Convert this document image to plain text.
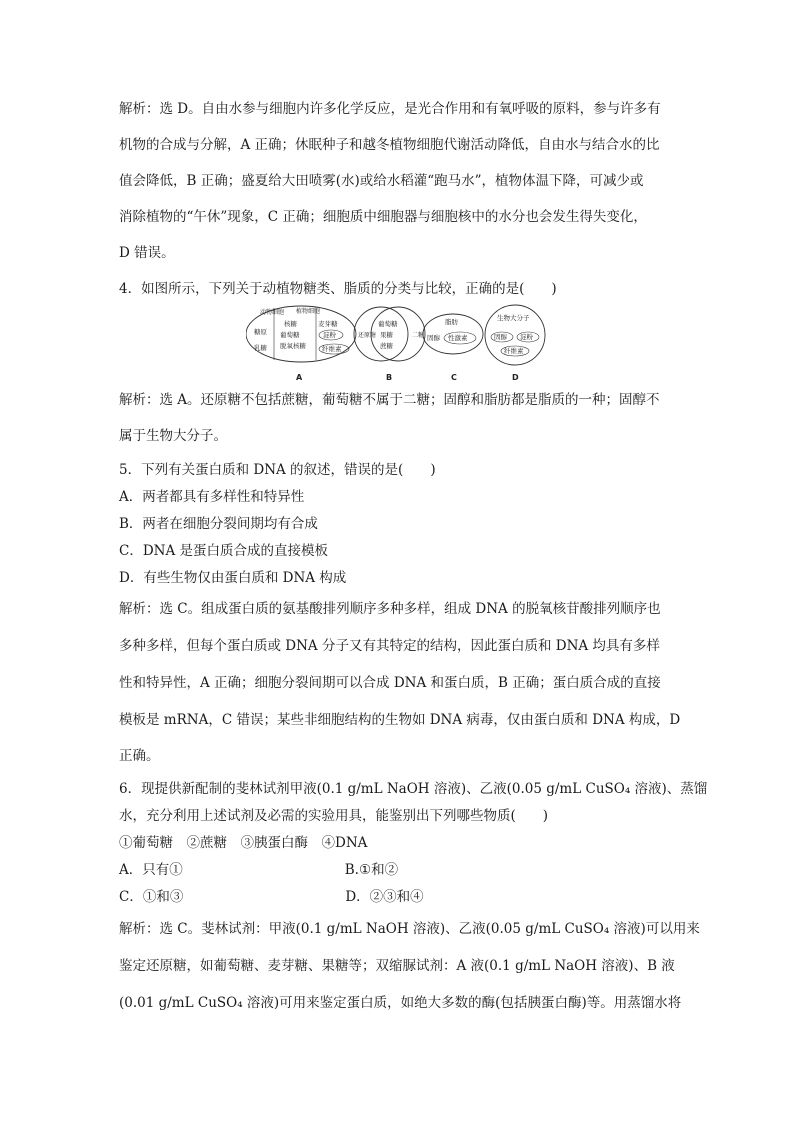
解析：选 D。自由水参与细胞内许多化学反应，是光合作用和有氧呼吸的原料，参与许多有
机物的合成与分解，A 正确；休眠种子和越冬植物细胞代谢活动降低，自由水与结合水的比
值会降低，B 正确；盛夏给大田喷雾(水)或给水稻灌“跑马水”，植物体温下降，可减少或
消除植物的“午休”现象，C 正确；细胞质中细胞器与细胞核中的水分也会发生得失变化，
D 错误。
4．如图所示，下列关于动植物糖类、脂质的分类与比较，正确的是(　　)
动物细胞 植物细胞
糖原
乳糖
核糖
葡萄糖
脱氧核糖
麦芽糖
淀粉
纤维素
A
还原糖
葡萄糖
果糖
蔗糖
二糖
B
脂肪
固醇 性激素
C
生物大分子
固醇 淀粉
纤维素
D
解析：选 A。还原糖不包括蔗糖，葡萄糖不属于二糖；固醇和脂肪都是脂质的一种；固醇不
属于生物大分子。
5．下列有关蛋白质和 DNA 的叙述，错误的是(　　)
A．两者都具有多样性和特异性
B．两者在细胞分裂间期均有合成
C．DNA 是蛋白质合成的直接模板
D．有些生物仅由蛋白质和 DNA 构成
解析：选 C。组成蛋白质的氨基酸排列顺序多种多样，组成 DNA 的脱氧核苷酸排列顺序也
多种多样，但每个蛋白质或 DNA 分子又有其特定的结构，因此蛋白质和 DNA 均具有多样
性和特异性，A 正确；细胞分裂间期可以合成 DNA 和蛋白质，B 正确；蛋白质合成的直接
模板是 mRNA，C 错误；某些非细胞结构的生物如 DNA 病毒，仅由蛋白质和 DNA 构成，D
正确。
6．现提供新配制的斐林试剂甲液(0.1 g/mL NaOH 溶液)、乙液(0.05 g/mL CuSO₄ 溶液)、蒸馏
水，充分利用上述试剂及必需的实验用具，能鉴别出下列哪些物质(　　)
①葡萄糖　②蔗糖　③胰蛋白酶　④DNA
A．只有①　　　　　　　　　　　　B.①和②
C．①和③　　　　　　　　　　　　D．②③和④
解析：选 C。斐林试剂：甲液(0.1 g/mL NaOH 溶液)、乙液(0.05 g/mL CuSO₄ 溶液)可以用来
鉴定还原糖，如葡萄糖、麦芽糖、果糖等；双缩脲试剂：A 液(0.1 g/mL NaOH 溶液)、B 液
(0.01 g/mL CuSO₄ 溶液)可用来鉴定蛋白质，如绝大多数的酶(包括胰蛋白酶)等。用蒸馏水将
